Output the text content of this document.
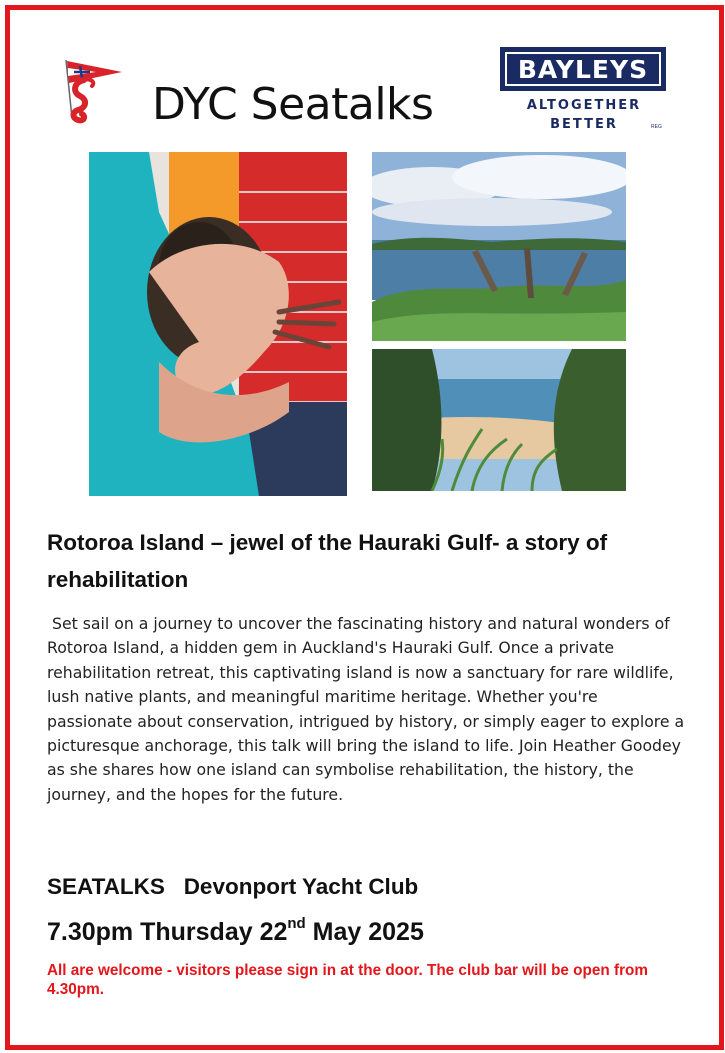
DYC Seatalks
BAYLEYS
ALTOGETHER
BETTER	REG
Rotoroa Island – jewel of the Hauraki Gulf- a story of rehabilitation
Set sail on a journey to uncover the fascinating history and natural wonders of Rotoroa Island, a hidden gem in Auckland's Hauraki Gulf. Once a private rehabilitation retreat, this captivating island is now a sanctuary for rare wildlife, lush native plants, and meaningful maritime heritage. Whether you're passionate about conservation, intrigued by history, or simply eager to explore a picturesque anchorage, this talk will bring the island to life. Join Heather Goodey as she shares how one island can symbolise rehabilitation, the history, the journey, and the hopes for the future.
SEATALKS Devonport Yacht Club
7.30pm Thursday 22nd May 2025
All are welcome - visitors please sign in at the door. The club bar will be open from 4.30pm.
